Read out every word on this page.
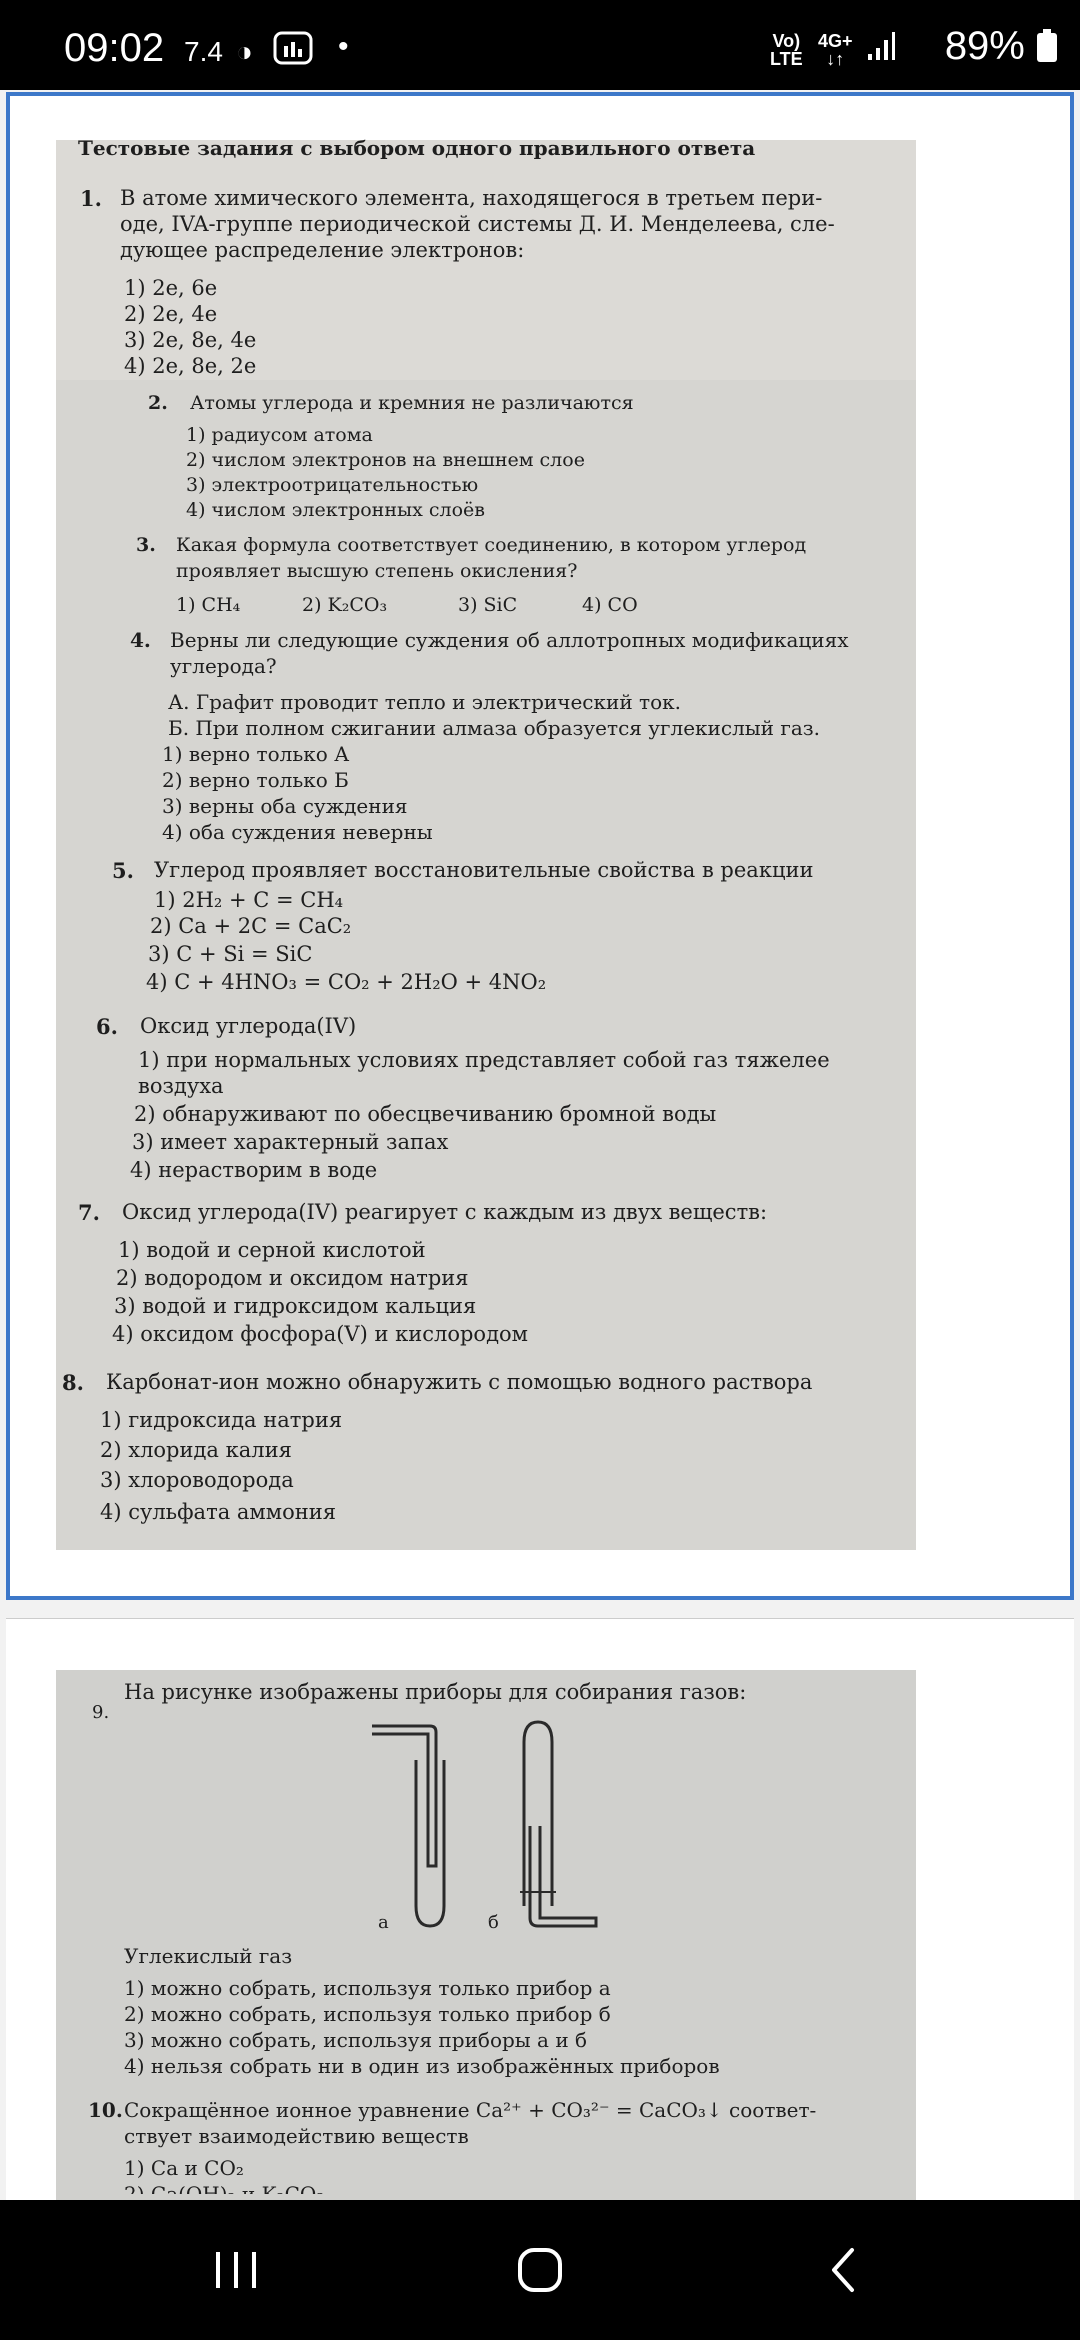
09:02 7.4 ◑	•	Vo)
LTE
4G+
↓↑	89%
Тестовые задания с выбором одного правильного ответа
1. В атоме химического элемента, находящегося в третьем пери-
оде, IVA-группе периодической системы Д. И. Менделеева, сле-
дующее распределение электронов:
1) 2e, 6e
2) 2e, 4e
3) 2e, 8e, 4e
4) 2e, 8e, 2e
2. Атомы углерода и кремния не различаются
1) радиусом атома
2) числом электронов на внешнем слое
3) электроотрицательностью
4) числом электронных слоёв
3. Какая формула соответствует соединению, в котором углерод
проявляет высшую степень окисления?
1) CH₄	2) K₂CO₃	3) SiC	4) CO
4. Верны ли следующие суждения об аллотропных модификациях
углерода?
А. Графит проводит тепло и электрический ток.
Б. При полном сжигании алмаза образуется углекислый газ.
1) верно только А
2) верно только Б
3) верны оба суждения
4) оба суждения неверны
5. Углерод проявляет восстановительные свойства в реакции
1) 2H₂ + C = CH₄
2) Ca + 2C = CaC₂
3) C + Si = SiC
4) C + 4HNO₃ = CO₂ + 2H₂O + 4NO₂
6. Оксид углерода(IV)
1) при нормальных условиях представляет собой газ тяжелее
воздуха
2) обнаруживают по обесцвечиванию бромной воды
3) имеет характерный запах
4) нерастворим в воде
7. Оксид углерода(IV) реагирует с каждым из двух веществ:
1) водой и серной кислотой
2) водородом и оксидом натрия
3) водой и гидроксидом кальция
4) оксидом фосфора(V) и кислородом
8. Карбонат-ион можно обнаружить с помощью водного раствора
1) гидроксида натрия
2) хлорида калия
3) хлороводорода
4) сульфата аммония
9.
На рисунке изображены приборы для собирания газов:
а	б
Углекислый газ
1) можно собрать, используя только прибор а
2) можно собрать, используя только прибор б
3) можно собрать, используя приборы а и б
4) нельзя собрать ни в один из изображённых приборов
10. Сокращённое ионное уравнение Ca²⁺ + CO₃²⁻ = CaCO₃↓ соответ-
ствует взаимодействию веществ
1) Ca и CO₂
